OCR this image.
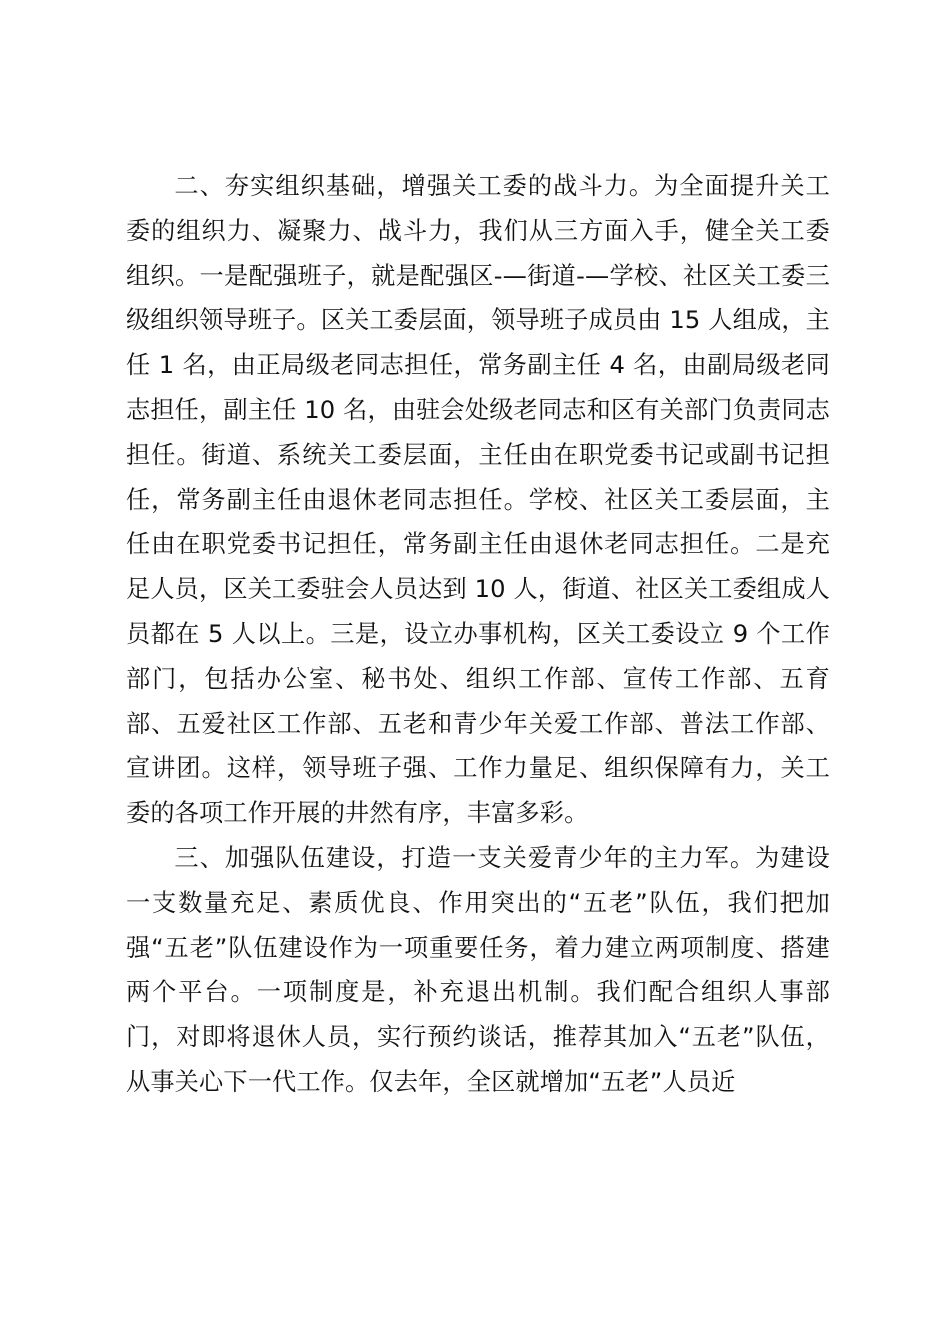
二、夯实组织基础，增强关工委的战斗力。为全面提升关工委的组织力、凝聚力、战斗力，我们从三方面入手，健全关工委组织。一是配强班子，就是配强区-—街道-—学校、社区关工委三级组织领导班子。区关工委层面，领导班子成员由 15 人组成，主任 1 名，由正局级老同志担任，常务副主任 4 名，由副局级老同志担任，副主任 10 名，由驻会处级老同志和区有关部门负责同志担任。街道、系统关工委层面，主任由在职党委书记或副书记担任，常务副主任由退休老同志担任。学校、社区关工委层面，主任由在职党委书记担任，常务副主任由退休老同志担任。二是充足人员，区关工委驻会人员达到 10 人，街道、社区关工委组成人员都在 5 人以上。三是，设立办事机构，区关工委设立 9 个工作部门，包括办公室、秘书处、组织工作部、宣传工作部、五育部、五爱社区工作部、五老和青少年关爱工作部、普法工作部、宣讲团。这样，领导班子强、工作力量足、组织保障有力，关工委的各项工作开展的井然有序，丰富多彩。

三、加强队伍建设，打造一支关爱青少年的主力军。为建设一支数量充足、素质优良、作用突出的“五老”队伍，我们把加强“五老”队伍建设作为一项重要任务，着力建立两项制度、搭建两个平台。一项制度是，补充退出机制。我们配合组织人事部门，对即将退休人员，实行预约谈话，推荐其加入“五老”队伍，从事关心下一代工作。仅去年，全区就增加“五老”人员近
